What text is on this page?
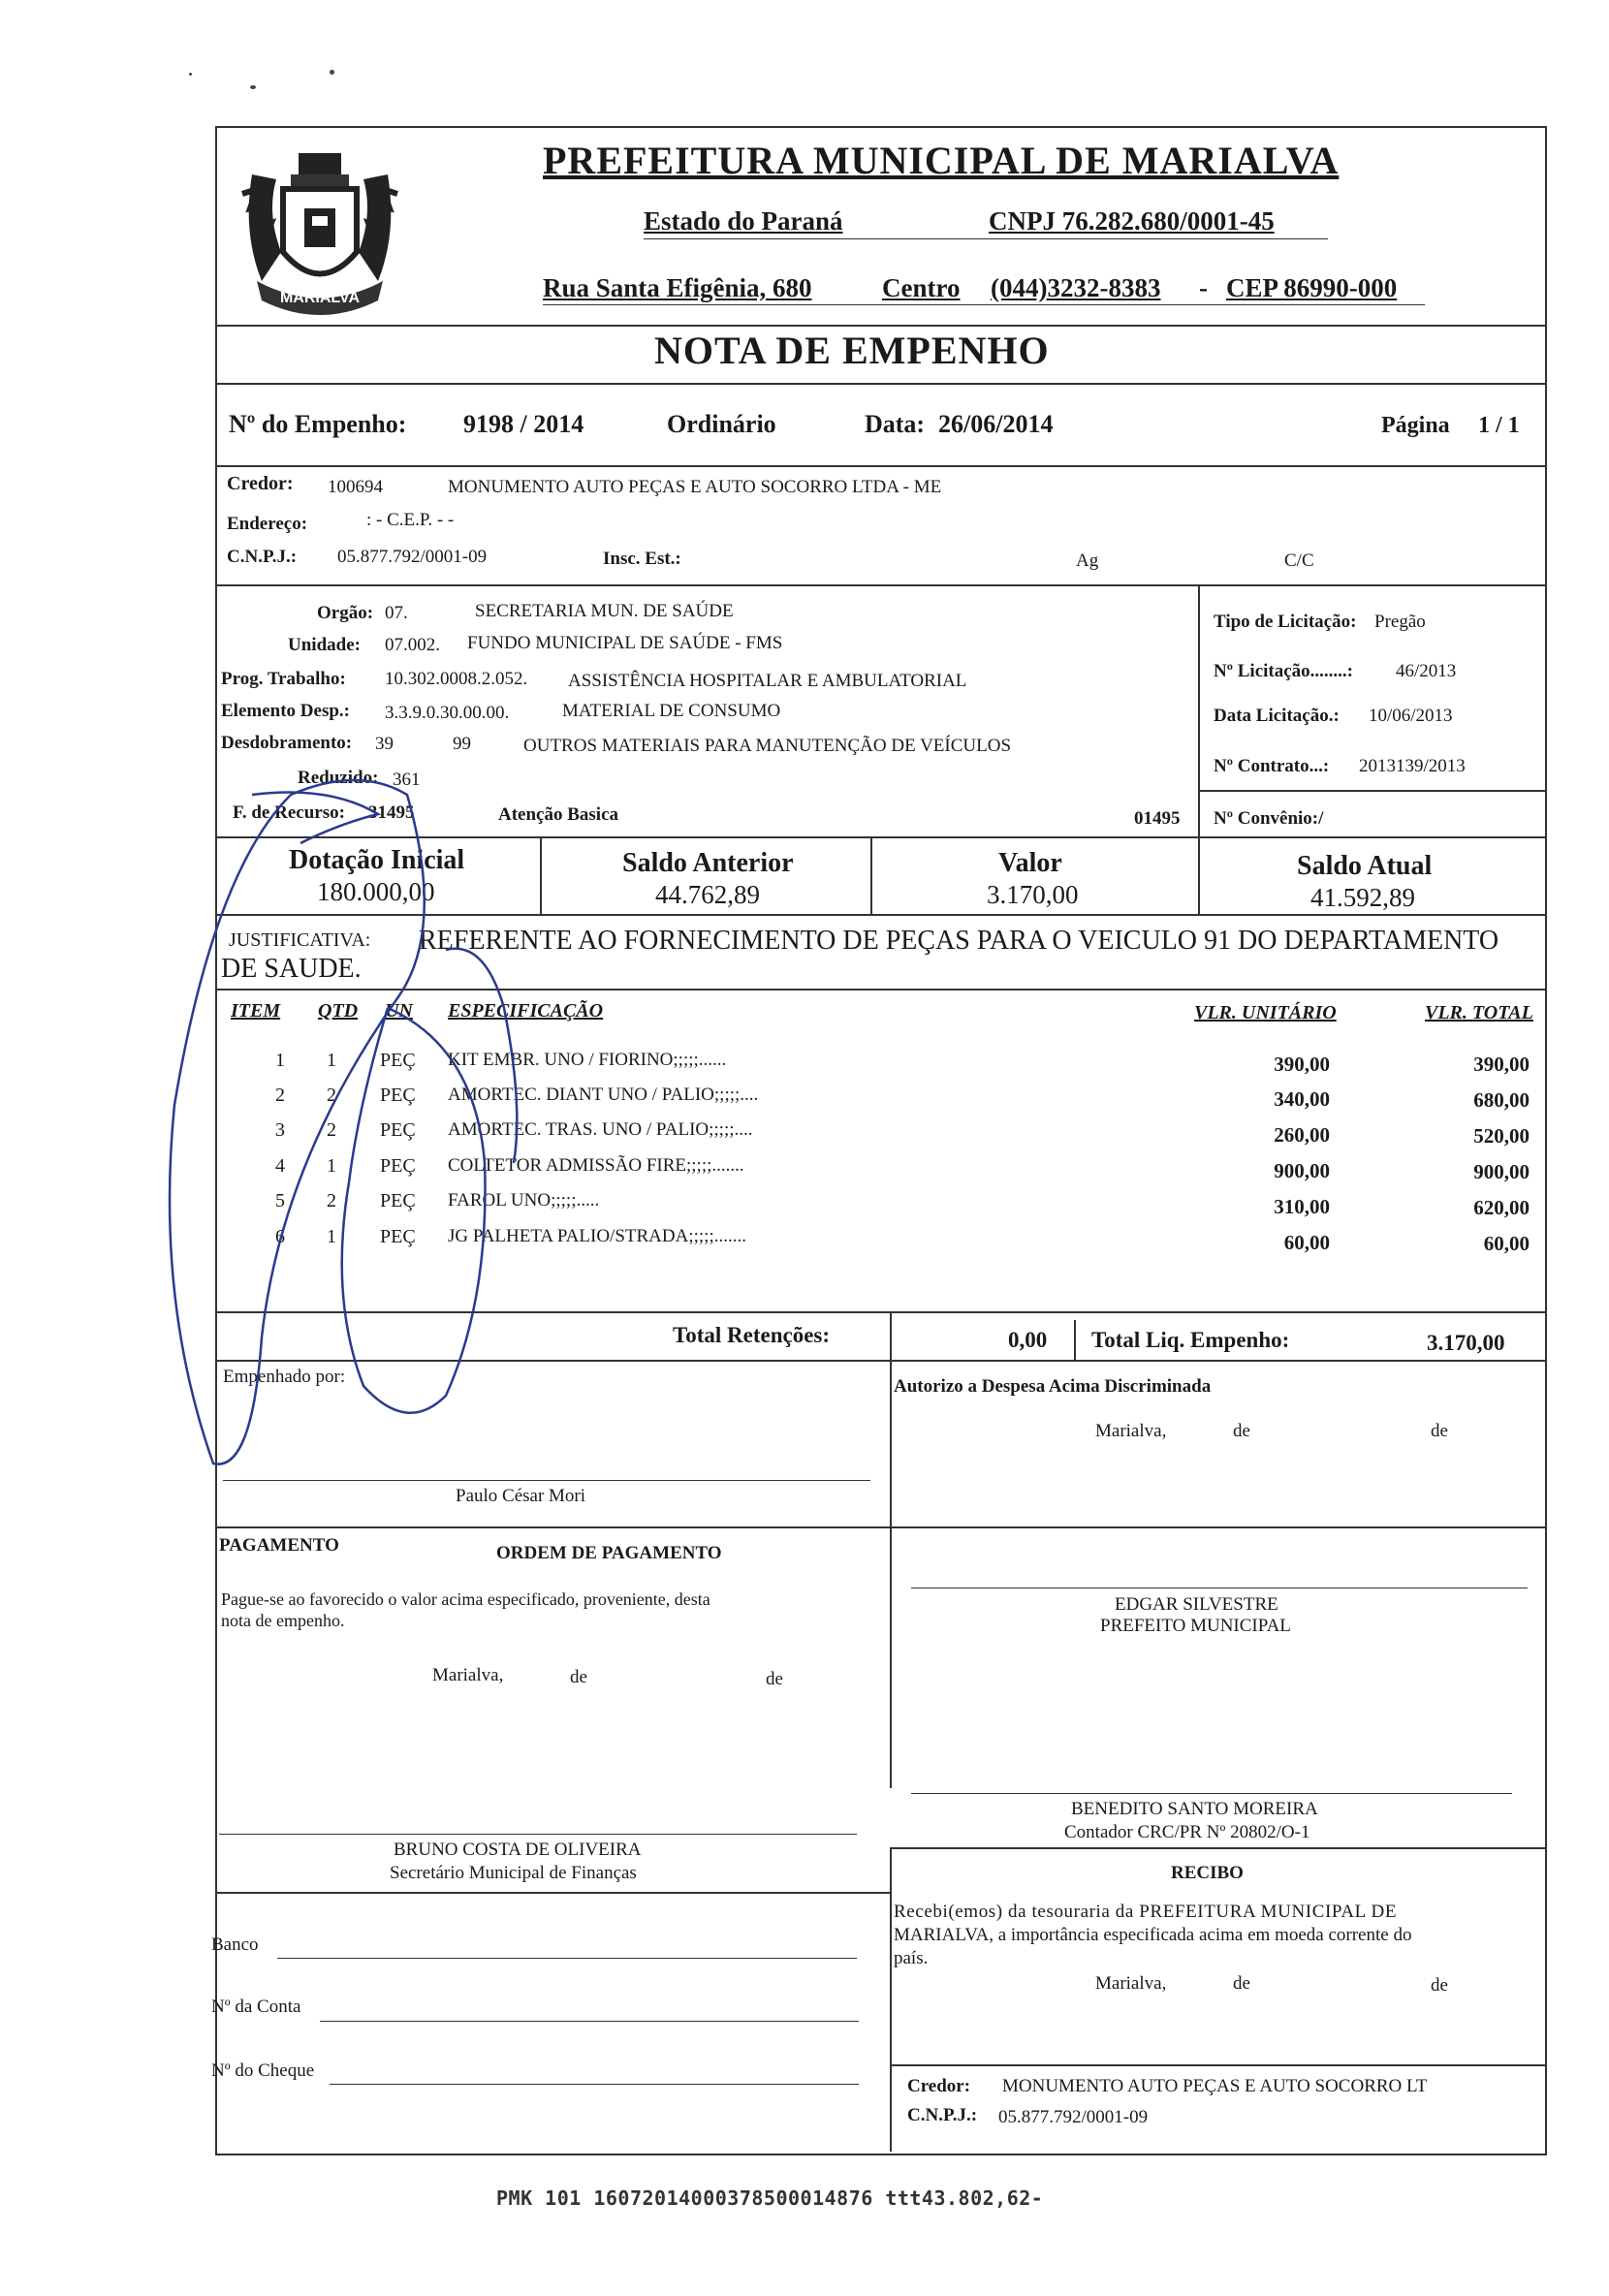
MARIALVA
PREFEITURA MUNICIPAL DE MARIALVA
Estado do Paraná	CNPJ 76.282.680/0001-45
Rua Santa Efigênia, 680	Centro (044)3232-8383 - CEP 86990-000
NOTA DE EMPENHO
Nº do Empenho: 9198 / 2014	Ordinário	Data: 26/06/2014	Página 1 / 1
Credor: 100694	MONUMENTO AUTO PEÇAS E AUTO SOCORRO LTDA - ME
Endereço:	: - C.E.P. - -
C.N.P.J.: 05.877.792/0001-09	Insc. Est.:	Ag	C/C
Orgão: 07.	SECRETARIA MUN. DE SAÚDE
Unidade: 07.002. FUNDO MUNICIPAL DE SAÚDE - FMS
Prog. Trabalho: 10.302.0008.2.052. ASSISTÊNCIA HOSPITALAR E AMBULATORIAL
Elemento Desp.: 3.3.9.0.30.00.00.	MATERIAL DE CONSUMO
Desdobramento: 39	99	OUTROS MATERIAIS PARA MANUTENÇÃO DE VEÍCULOS
Reduzido: 361
F. de Recurso: 31495	Atenção Basica	01495
Tipo de Licitação: Pregão
Nº Licitação........: 46/2013
Data Licitação.: 10/06/2013
Nº Contrato...: 2013139/2013
Nº Convênio:/
Dotação Inicial
180.000,00
Saldo Anterior
44.762,89
Valor
3.170,00
Saldo Atual
41.592,89
JUSTIFICATIVA: REFERENTE AO FORNECIMENTO DE PEÇAS PARA O VEICULO 91 DO DEPARTAMENTO
DE SAUDE.
ITEM QTD UN ESPECIFICAÇÃO	VLR. UNITÁRIO	VLR. TOTAL
1 1 PEÇ KIT EMBR. UNO / FIORINO;;;;;......	390,00	390,00
2 2 PEÇ AMORTEC. DIANT UNO / PALIO;;;;;....	340,00	680,00
3 2 PEÇ AMORTEC. TRAS. UNO / PALIO;;;;;....	260,00	520,00
4 1 PEÇ COLTETOR ADMISSÃO FIRE;;;;;.......	900,00	900,00
5 2 PEÇ FAROL UNO;;;;;.....	310,00	620,00
6 1 PEÇ JG PALHETA PALIO/STRADA;;;;;.......	60,00	60,00
Total Retenções:	0,00 Total Liq. Empenho:	3.170,00
Empenhado por:	Autorizo a Despesa Acima Discriminada
Marialva,	de	de
Paulo César Mori
PAGAMENTO	ORDEM DE PAGAMENTO
Pague-se ao favorecido o valor acima especificado, proveniente, desta
nota de empenho.
Marialva,	de	de
EDGAR SILVESTRE
PREFEITO MUNICIPAL
BENEDITO SANTO MOREIRA
Contador CRC/PR Nº 20802/O-1
BRUNO COSTA DE OLIVEIRA
Secretário Municipal de Finanças	RECIBO
Recebi(emos) da tesouraria da PREFEITURA MUNICIPAL DE
MARIALVA, a importância especificada acima em moeda corrente do
país.
Marialva,	de	de
Credor: MONUMENTO AUTO PEÇAS E AUTO SOCORRO LT
C.N.P.J.: 05.877.792/0001-09
Banco
Nº da Conta
Nº do Cheque
PMK 101 16072014000378500014876 ttt43.802,62-
